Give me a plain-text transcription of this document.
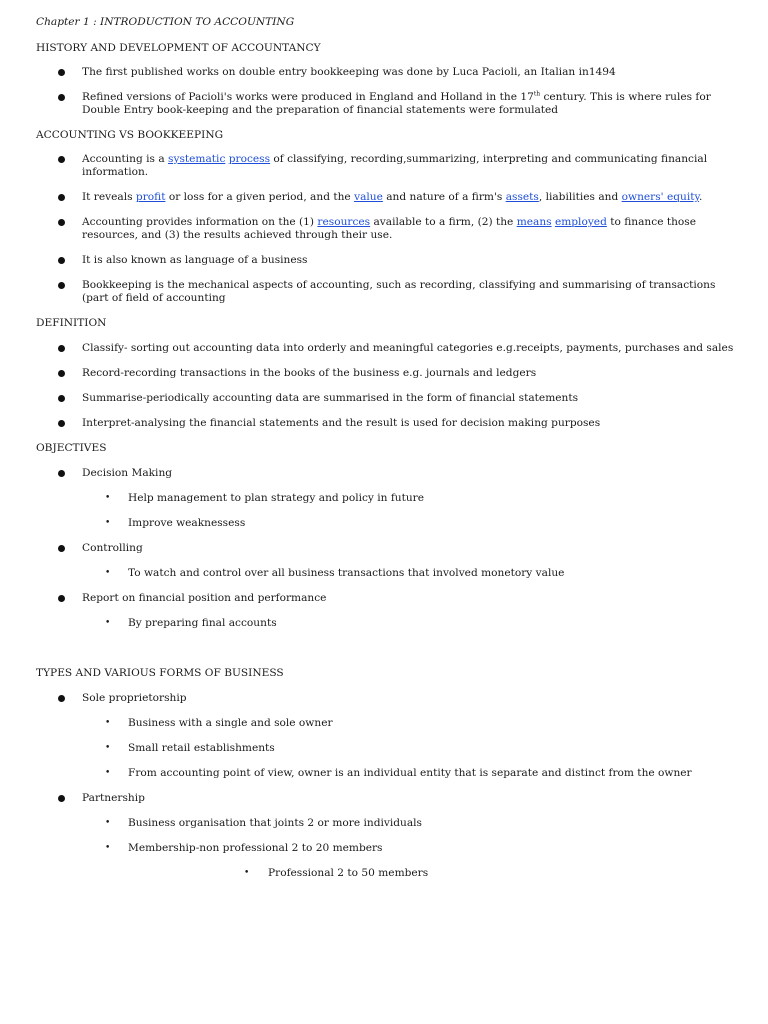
Chapter 1 : INTRODUCTION TO ACCOUNTING
HISTORY AND DEVELOPMENT OF ACCOUNTANCY
The first published works on double entry bookkeeping was done by Luca Pacioli, an Italian in1494
Refined versions of Pacioli's works were produced in England and Holland in the 17th century. This is where rules for
Double Entry book-keeping and the preparation of financial statements were formulated
ACCOUNTING VS BOOKKEEPING
Accounting is a systematic process of classifying, recording,summarizing, interpreting and communicating financial
information.
It reveals profit or loss for a given period, and the value and nature of a firm's assets, liabilities and owners' equity.
Accounting provides information on the (1) resources available to a firm, (2) the means employed to finance those
resources, and (3) the results achieved through their use.
It is also known as language of a business
Bookkeeping is the mechanical aspects of accounting, such as recording, classifying and summarising of transactions
(part of field of accounting
DEFINITION
Classify- sorting out accounting data into orderly and meaningful categories e.g.receipts, payments, purchases and sales
Record-recording transactions in the books of the business e.g. journals and ledgers
Summarise-periodically accounting data are summarised in the form of financial statements
Interpret-analysing the financial statements and the result is used for decision making purposes
OBJECTIVES
Decision Making
• Help management to plan strategy and policy in future
• Improve weaknessess
Controlling
• To watch and control over all business transactions that involved monetory value
Report on financial position and performance
• By preparing final accounts
TYPES AND VARIOUS FORMS OF BUSINESS
Sole proprietorship
• Business with a single and sole owner
• Small retail establishments
• From accounting point of view, owner is an individual entity that is separate and distinct from the owner
Partnership
• Business organisation that joints 2 or more individuals
• Membership-non professional 2 to 20 members
• Professional 2 to 50 members
